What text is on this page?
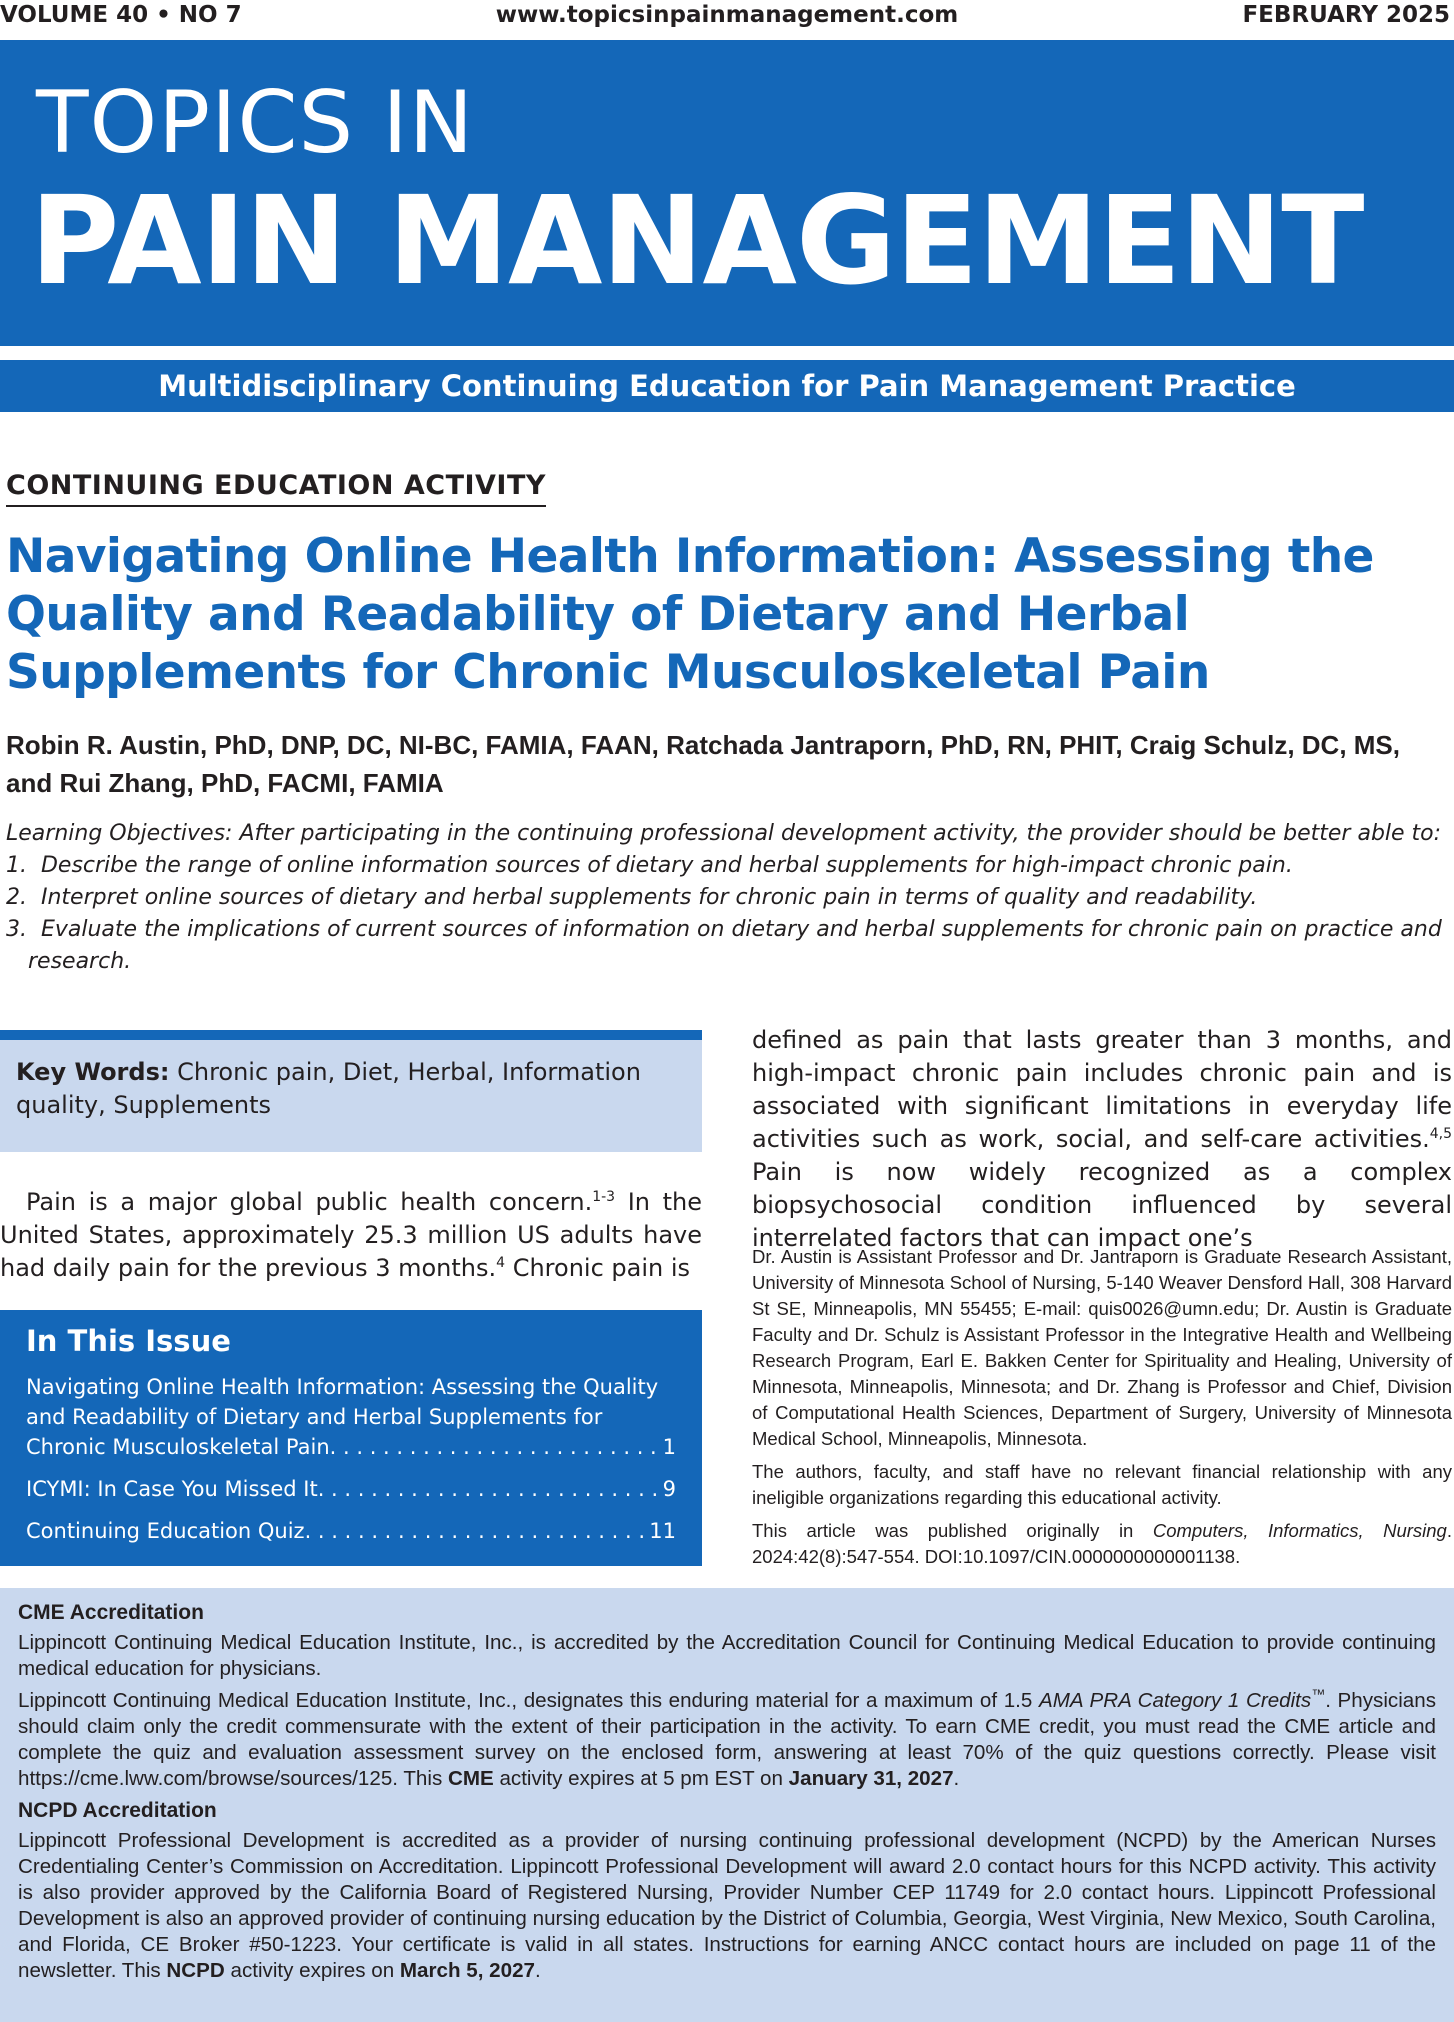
VOLUME 40 • NO 7	www.topicsinpainmanagement.com	FEBRUARY 2025
TOPICS IN
PAIN MANAGEMENT
Multidisciplinary Continuing Education for Pain Management Practice
CONTINUING EDUCATION ACTIVITY
Navigating Online Health Information: Assessing the Quality and Readability of Dietary and Herbal Supplements for Chronic Musculoskeletal Pain
Robin R. Austin, PhD, DNP, DC, NI-BC, FAMIA, FAAN, Ratchada Jantraporn, PhD, RN, PHIT, Craig Schulz, DC, MS, and Rui Zhang, PhD, FACMI, FAMIA
Learning Objectives: After participating in the continuing professional development activity, the provider should be better able to:
1.  Describe the range of online information sources of dietary and herbal supplements for high-impact chronic pain.
2.  Interpret online sources of dietary and herbal supplements for chronic pain in terms of quality and readability.
3.  Evaluate the implications of current sources of information on dietary and herbal supplements for chronic pain on practice and research.
Key Words: Chronic pain, Diet, Herbal, Information quality, Supplements

Pain is a major global public health concern.$^{1-3}$ In the United States, approximately 25.3 million US adults have had daily pain for the previous 3 months.$^4$ Chronic pain is

defined as pain that lasts greater than 3 months, and high-impact chronic pain includes chronic pain and is associated with significant limitations in everyday life activities such as work, social, and self-care activities.$^{4,5}$ Pain is now widely recognized as a complex biopsychosocial condition influenced by several interrelated factors that can impact one’s

In This Issue
Navigating Online Health Information: Assessing the Quality and Readability of Dietary and Herbal Supplements for
Chronic Musculoskeletal Pain . . .	1
ICYMI: In Case You Missed It . . .	9
Continuing Education Quiz . . .	11

Dr. Austin is Assistant Professor and Dr. Jantraporn is Graduate Research Assistant, University of Minnesota School of Nursing, 5-140 Weaver Densford Hall, 308 Harvard St SE, Minneapolis, MN 55455; E-mail: quis0026@umn.edu; Dr. Austin is Graduate Faculty and Dr. Schulz is Assistant Professor in the Integrative Health and Wellbeing Research Program, Earl E. Bakken Center for Spirituality and Healing, University of Minnesota, Minneapolis, Minnesota; and Dr. Zhang is Professor and Chief, Division of Computational Health Sciences, Department of Surgery, University of Minnesota Medical School, Minneapolis, Minnesota.

The authors, faculty, and staff have no relevant financial relationship with any ineligible organizations regarding this educational activity.

This article was published originally in Computers, Informatics, Nursing. 2024:42(8):547-554. DOI:10.1097/CIN.0000000000001138.

CME Accreditation

Lippincott Continuing Medical Education Institute, Inc., is accredited by the Accreditation Council for Continuing Medical Education to provide continuing medical education for physicians.

Lippincott Continuing Medical Education Institute, Inc., designates this enduring material for a maximum of 1.5 AMA PRA Category 1 Credits™. Physicians should claim only the credit commensurate with the extent of their participation in the activity. To earn CME credit, you must read the CME article and complete the quiz and evaluation assessment survey on the enclosed form, answering at least 70% of the quiz questions correctly. Please visit https://cme.lww.com/browse/sources/125. This CME activity expires at 5 pm EST on January 31, 2027.

NCPD Accreditation

Lippincott Professional Development is accredited as a provider of nursing continuing professional development (NCPD) by the American Nurses Credentialing Center’s Commission on Accreditation. Lippincott Professional Development will award 2.0 contact hours for this NCPD activity. This activity is also provider approved by the California Board of Registered Nursing, Provider Number CEP 11749 for 2.0 contact hours. Lippincott Professional Development is also an approved provider of continuing nursing education by the District of Columbia, Georgia, West Virginia, New Mexico, South Carolina, and Florida, CE Broker #50-1223. Your certificate is valid in all states. Instructions for earning ANCC contact hours are included on page 11 of the newsletter. This NCPD activity expires on March 5, 2027.
